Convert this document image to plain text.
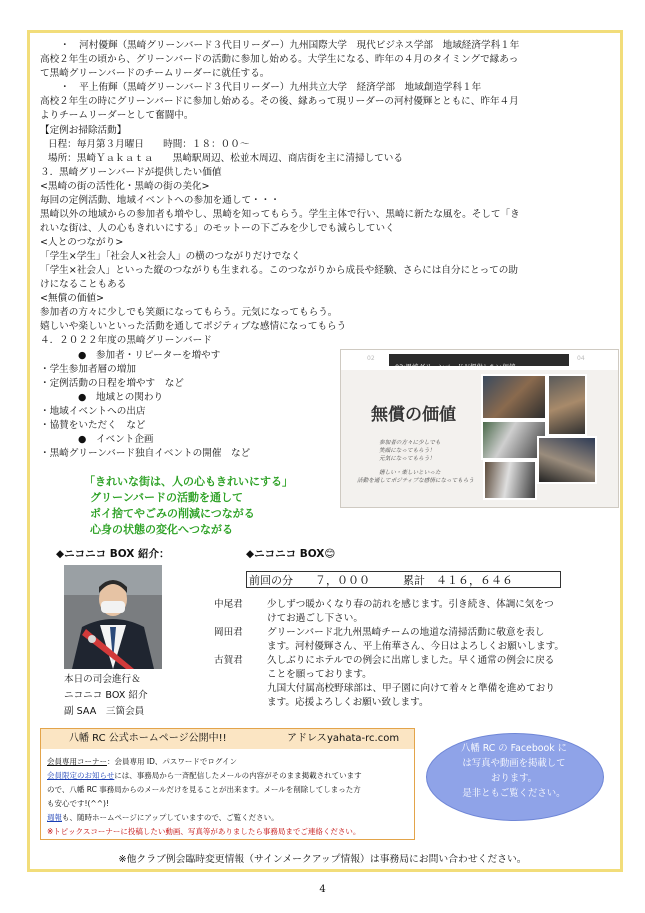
・　河村優輝（黒崎グリーンバード３代目リーダー）九州国際大学　現代ビジネス学部　地域経済学科１年
高校２年生の頃から、グリーンバードの活動に参加し始める。大学生になる、昨年の４月のタイミングで縁あっ
て黒崎グリーンバードのチームリーダーに就任する。
・　平上侑輝（黒崎グリーンバード３代目リーダー）九州共立大学　経済学部　地域創造学科１年
高校２年生の時にグリーンバードに参加し始める。その後、縁あって現リーダーの河村優輝とともに、昨年４月
よりチームリーダーとして奮闘中。
【定例お掃除活動】
日程：毎月第３月曜日　　時間：１８：００～
場所：黒崎Ｙａｋａｔａ　　黒崎駅周辺、松並木周辺、商店街を主に清掃している
３．黒崎グリーンバードが提供したい価値
<黒崎の街の活性化・黒崎の街の美化>
毎回の定例活動、地域イベントへの参加を通して・・・
黒崎以外の地域からの参加者も増やし、黒崎を知ってもらう。学生主体で行い、黒崎に新たな風を。そして「き
れいな街は、人の心もきれいにする」のモットーの下ごみを少しでも減らしていく
<人とのつながり>
「学生×学生」「社会人×社会人」の横のつながりだけでなく
「学生×社会人」といった縦のつながりも生まれる。このつながりから成長や経験、さらには自分にとっての助
けになることもある
<無償の価値>
参加者の方々に少しでも笑顔になってもらう。元気になってもらう。
嬉しいや楽しいといった活動を通してポジティブな感情になってもらう
４．２０２２年度の黒崎グリーンバード
●　参加者・リピーターを増やす
・学生参加者層の増加
・定例活動の日程を増やす　など
●　地域との関わり
・地域イベントへの出店
・協賛をいただく　など
●　イベント企画
・黒崎グリーンバード独自イベントの開催　など
02
03:黒崎グリーンバードが提供したい価値
04
無償の価値
参加者の方々に少しでも
笑顔になってもらう！
元気になってもらう！
嬉しい・楽しいといった
活動を通してポジティブな感情になってもらう
「きれいな街は、人の心もきれいにする」
グリーンバードの活動を通して
ポイ捨てやごみの削減につながる
心身の状態の変化へつながる
◆ニコニコ BOX 紹介：	◆ニコニコ BOX😊
本日の司会進行＆
ニコニコ BOX 紹介
副 SAA　三箇会員
前回の分　　７，０００　　　累計　４１６，６４６
中尾君	少しずつ暖かくなり春の訪れを感じます。引き続き、体調に気をつ
けてお過ごし下さい。
岡田君	グリーンバード北九州黒崎チームの地道な清掃活動に敬意を表し
ます。河村優輝さん、平上侑華さん、今日はよろしくお願いします。
古賀君	久しぶりにホテルでの例会に出席しました。早く通常の例会に戻る
ことを願っております。
九国大付属高校野球部は、甲子園に向けて着々と準備を進めており
ます。応援よろしくお願い致します。
八幡 RC 公式ホームページ公開中!!	アドレス yahata-rc.com
会員専用コーナー：会員専用 ID、パスワードでログイン
会員限定のお知らせには、事務局から一斉配信したメールの内容がそのまま掲載されています
ので、八幡 RC 事務局からのメールだけを見ることが出来ます。メールを削除してしまった方
も安心です!(^^)!
週報も、随時ホームページにアップしていますので、ご覧ください。
※トピックスコーナーに投稿したい動画、写真等がありましたら事務局までご連絡ください。
八幡 RC の Facebook に
は写真や動画を掲載して
おります。
是非ともご覧ください。
※他クラブ例会臨時変更情報（サインメークアップ情報）は事務局にお問い合わせください。
4
